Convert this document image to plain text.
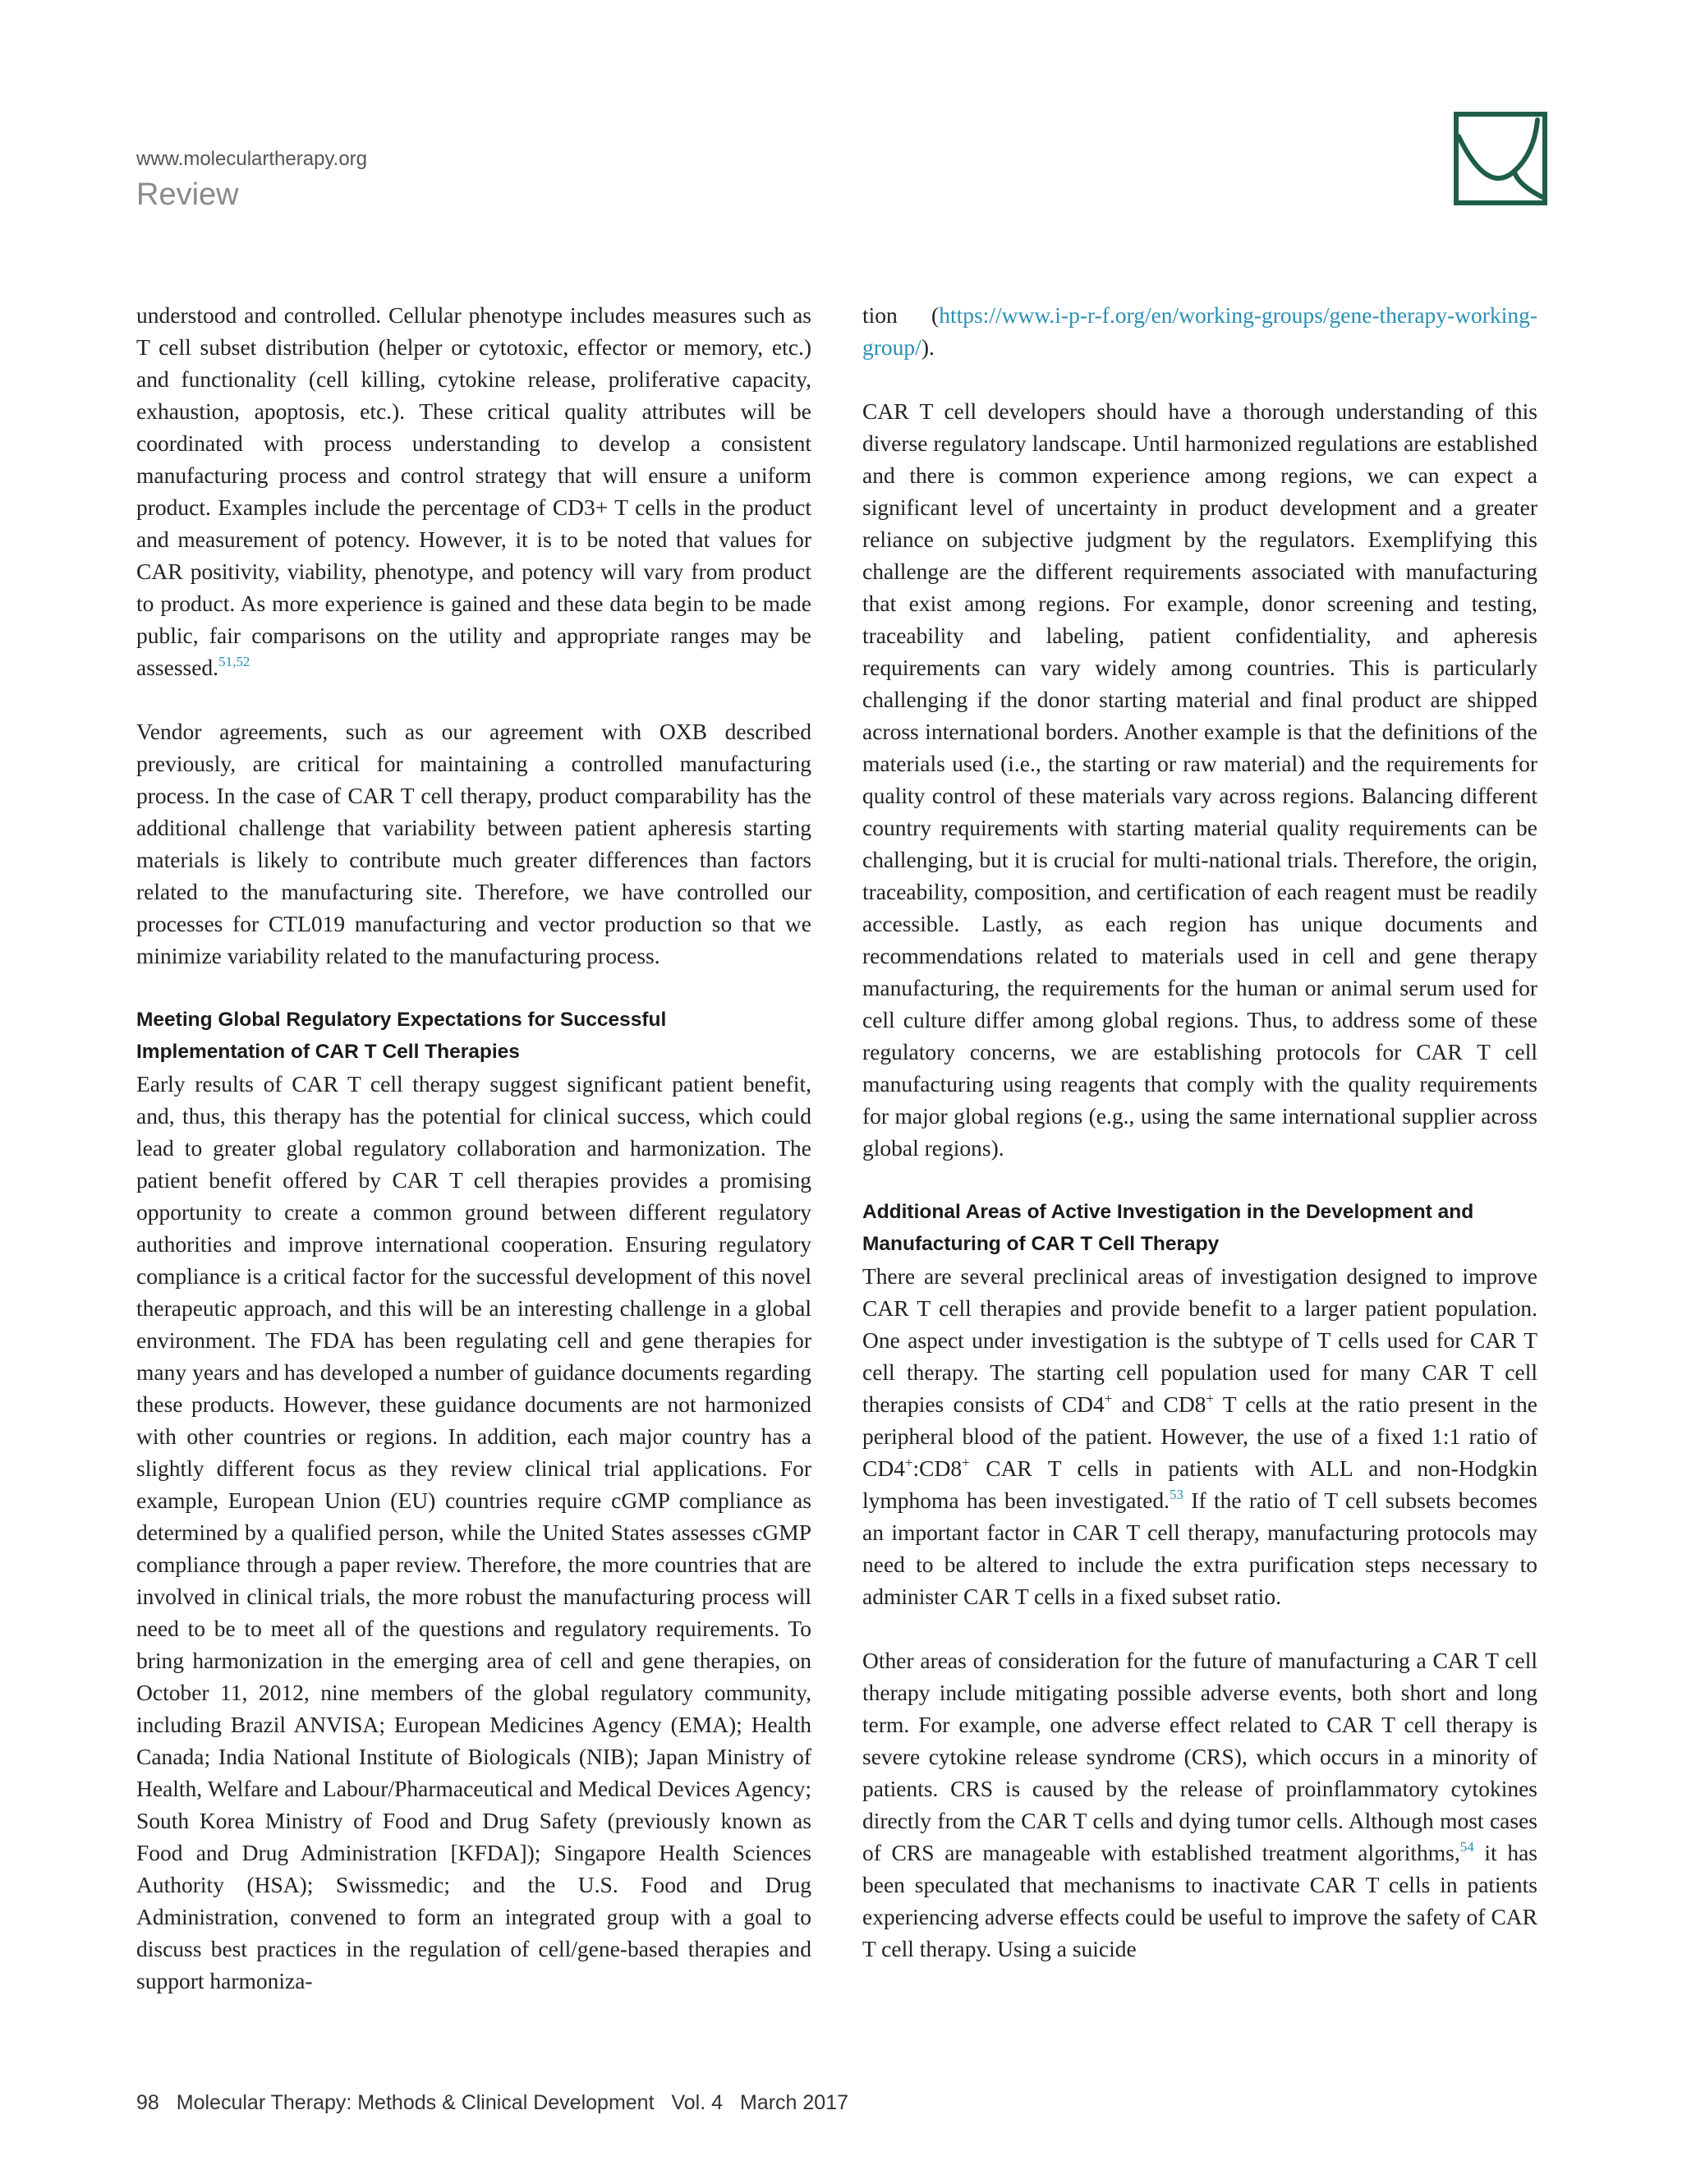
www.moleculartherapy.org
Review

understood and controlled. Cellular phenotype includes measures such as T cell subset distribution (helper or cytotoxic, effector or memory, etc.) and functionality (cell killing, cytokine release, proliferative capacity, exhaustion, apoptosis, etc.). These critical quality attributes will be coordinated with process understanding to develop a consistent manufacturing process and control strategy that will ensure a uniform product. Examples include the percentage of CD3+ T cells in the product and measurement of potency. However, it is to be noted that values for CAR positivity, viability, phenotype, and potency will vary from product to product. As more experience is gained and these data begin to be made public, fair comparisons on the utility and appropriate ranges may be assessed.$^{51,52}$

Vendor agreements, such as our agreement with OXB described previously, are critical for maintaining a controlled manufacturing process. In the case of CAR T cell therapy, product comparability has the additional challenge that variability between patient apheresis starting materials is likely to contribute much greater differences than factors related to the manufacturing site. Therefore, we have controlled our processes for CTL019 manufacturing and vector production so that we minimize variability related to the manufacturing process.

Meeting Global Regulatory Expectations for Successful Implementation of CAR T Cell Therapies

Early results of CAR T cell therapy suggest significant patient benefit, and, thus, this therapy has the potential for clinical success, which could lead to greater global regulatory collaboration and harmonization. The patient benefit offered by CAR T cell therapies provides a promising opportunity to create a common ground between different regulatory authorities and improve international cooperation. Ensuring regulatory compliance is a critical factor for the successful development of this novel therapeutic approach, and this will be an interesting challenge in a global environment. The FDA has been regulating cell and gene therapies for many years and has developed a number of guidance documents regarding these products. However, these guidance documents are not harmonized with other countries or regions. In addition, each major country has a slightly different focus as they review clinical trial applications. For example, European Union (EU) countries require cGMP compliance as determined by a qualified person, while the United States assesses cGMP compliance through a paper review. Therefore, the more countries that are involved in clinical trials, the more robust the manufacturing process will need to be to meet all of the questions and regulatory requirements. To bring harmonization in the emerging area of cell and gene therapies, on October 11, 2012, nine members of the global regulatory community, including Brazil ANVISA; European Medicines Agency (EMA); Health Canada; India National Institute of Biologicals (NIB); Japan Ministry of Health, Welfare and Labour/Pharmaceutical and Medical Devices Agency; South Korea Ministry of Food and Drug Safety (previously known as Food and Drug Administration [KFDA]); Singapore Health Sciences Authority (HSA); Swissmedic; and the U.S. Food and Drug Administration, convened to form an integrated group with a goal to discuss best practices in the regulation of cell/gene-based therapies and support harmoniza-

tion (https://www.i-p-r-f.org/en/working-groups/gene-therapy-working-group/).

CAR T cell developers should have a thorough understanding of this diverse regulatory landscape. Until harmonized regulations are established and there is common experience among regions, we can expect a significant level of uncertainty in product development and a greater reliance on subjective judgment by the regulators. Exemplifying this challenge are the different requirements associated with manufacturing that exist among regions. For example, donor screening and testing, traceability and labeling, patient confidentiality, and apheresis requirements can vary widely among countries. This is particularly challenging if the donor starting material and final product are shipped across international borders. Another example is that the definitions of the materials used (i.e., the starting or raw material) and the requirements for quality control of these materials vary across regions. Balancing different country requirements with starting material quality requirements can be challenging, but it is crucial for multi-national trials. Therefore, the origin, traceability, composition, and certification of each reagent must be readily accessible. Lastly, as each region has unique documents and recommendations related to materials used in cell and gene therapy manufacturing, the requirements for the human or animal serum used for cell culture differ among global regions. Thus, to address some of these regulatory concerns, we are establishing protocols for CAR T cell manufacturing using reagents that comply with the quality requirements for major global regions (e.g., using the same international supplier across global regions).

Additional Areas of Active Investigation in the Development and Manufacturing of CAR T Cell Therapy

There are several preclinical areas of investigation designed to improve CAR T cell therapies and provide benefit to a larger patient population. One aspect under investigation is the subtype of T cells used for CAR T cell therapy. The starting cell population used for many CAR T cell therapies consists of CD4+ and CD8+ T cells at the ratio present in the peripheral blood of the patient. However, the use of a fixed 1:1 ratio of CD4+:CD8+ CAR T cells in patients with ALL and non-Hodgkin lymphoma has been investigated.$^{53}$ If the ratio of T cell subsets becomes an important factor in CAR T cell therapy, manufacturing protocols may need to be altered to include the extra purification steps necessary to administer CAR T cells in a fixed subset ratio.

Other areas of consideration for the future of manufacturing a CAR T cell therapy include mitigating possible adverse events, both short and long term. For example, one adverse effect related to CAR T cell therapy is severe cytokine release syndrome (CRS), which occurs in a minority of patients. CRS is caused by the release of proinflammatory cytokines directly from the CAR T cells and dying tumor cells. Although most cases of CRS are manageable with established treatment algorithms,$^{54}$ it has been speculated that mechanisms to inactivate CAR T cells in patients experiencing adverse effects could be useful to improve the safety of CAR T cell therapy. Using a suicide

98 Molecular Therapy: Methods & Clinical Development Vol. 4 March 2017
